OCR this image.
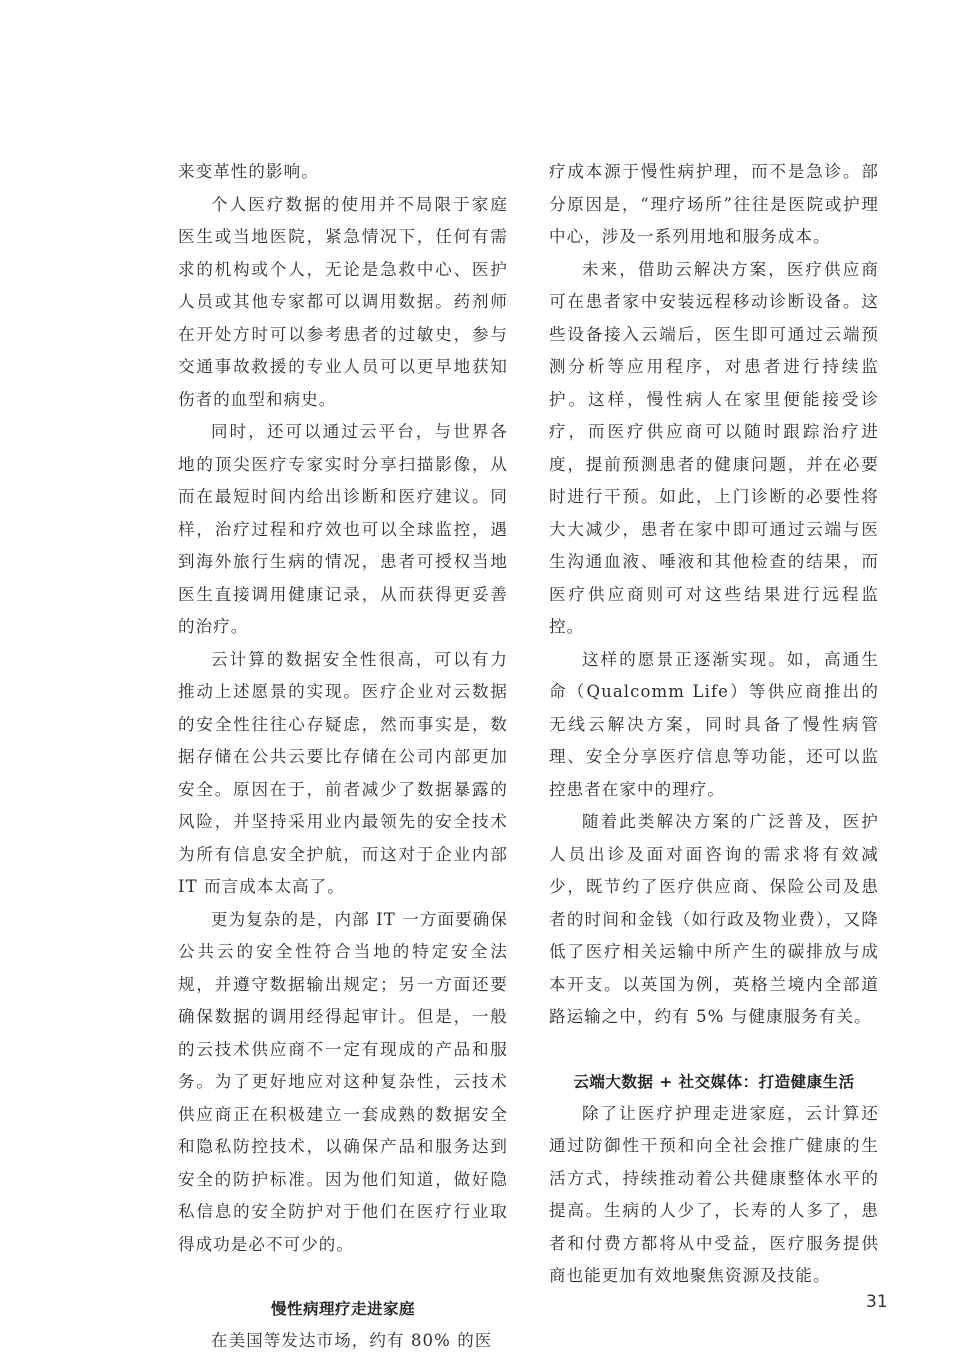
来变革性的影响。

个人医疗数据的使用并不局限于家庭医生或当地医院，紧急情况下，任何有需求的机构或个人，无论是急救中心、医护人员或其他专家都可以调用数据。药剂师在开处方时可以参考患者的过敏史，参与交通事故救援的专业人员可以更早地获知伤者的血型和病史。

同时，还可以通过云平台，与世界各地的顶尖医疗专家实时分享扫描影像，从而在最短时间内给出诊断和医疗建议。同样，治疗过程和疗效也可以全球监控，遇到海外旅行生病的情况，患者可授权当地医生直接调用健康记录，从而获得更妥善的治疗。

云计算的数据安全性很高，可以有力推动上述愿景的实现。医疗企业对云数据的安全性往往心存疑虑，然而事实是，数据存储在公共云要比存储在公司内部更加安全。原因在于，前者减少了数据暴露的风险，并坚持采用业内最领先的安全技术为所有信息安全护航，而这对于企业内部 IT 而言成本太高了。

更为复杂的是，内部 IT 一方面要确保公共云的安全性符合当地的特定安全法规，并遵守数据输出规定；另一方面还要确保数据的调用经得起审计。但是，一般的云技术供应商不一定有现成的产品和服务。为了更好地应对这种复杂性，云技术供应商正在积极建立一套成熟的数据安全和隐私防控技术，以确保产品和服务达到安全的防护标准。因为他们知道，做好隐私信息的安全防护对于他们在医疗行业取得成功是必不可少的。

慢性病理疗走进家庭

在美国等发达市场，约有 80% 的医

疗成本源于慢性病护理，而不是急诊。部分原因是，“理疗场所”往往是医院或护理中心，涉及一系列用地和服务成本。

未来，借助云解决方案，医疗供应商可在患者家中安装远程移动诊断设备。这些设备接入云端后，医生即可通过云端预测分析等应用程序，对患者进行持续监护。这样，慢性病人在家里便能接受诊疗，而医疗供应商可以随时跟踪治疗进度，提前预测患者的健康问题，并在必要时进行干预。如此，上门诊断的必要性将大大减少，患者在家中即可通过云端与医生沟通血液、唾液和其他检查的结果，而医疗供应商则可对这些结果进行远程监控。

这样的愿景正逐渐实现。如，高通生命（Qualcomm Life）等供应商推出的无线云解决方案，同时具备了慢性病管理、安全分享医疗信息等功能，还可以监控患者在家中的理疗。

随着此类解决方案的广泛普及，医护人员出诊及面对面咨询的需求将有效减少，既节约了医疗供应商、保险公司及患者的时间和金钱（如行政及物业费），又降低了医疗相关运输中所产生的碳排放与成本开支。以英国为例，英格兰境内全部道路运输之中，约有 5% 与健康服务有关。

云端大数据 + 社交媒体：打造健康生活

除了让医疗护理走进家庭，云计算还通过防御性干预和向全社会推广健康的生活方式，持续推动着公共健康整体水平的提高。生病的人少了，长寿的人多了，患者和付费方都将从中受益，医疗服务提供商也能更加有效地聚焦资源及技能。

31
